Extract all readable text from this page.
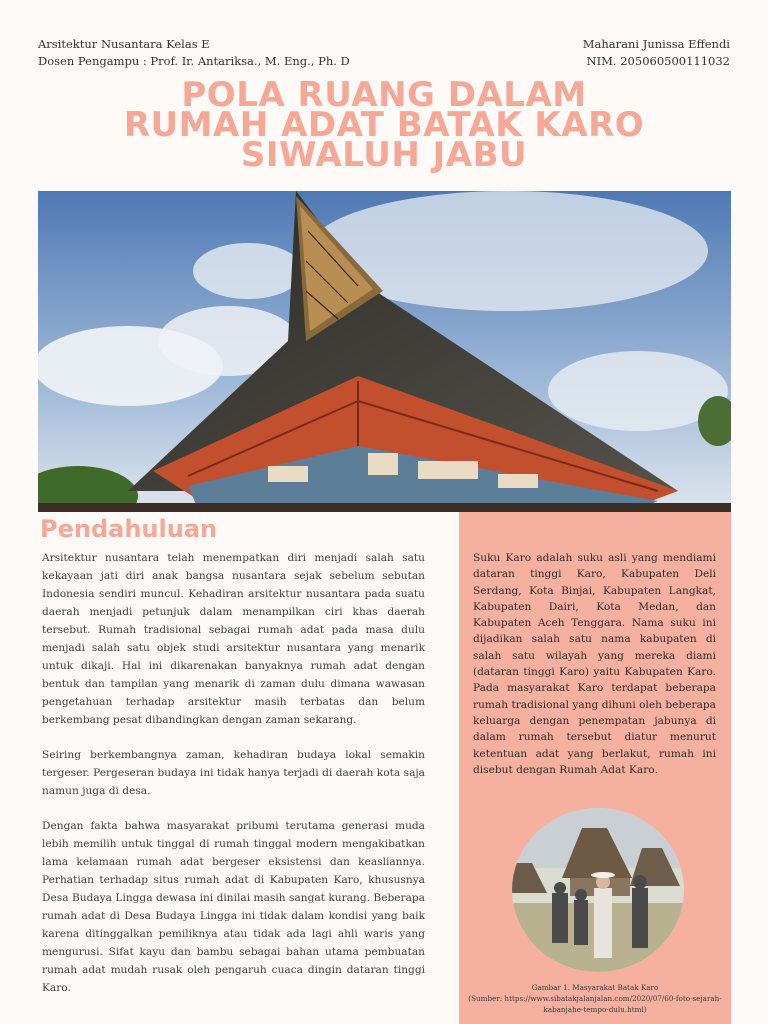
Arsitektur Nusantara Kelas E
Dosen Pengampu : Prof. Ir. Antariksa., M. Eng., Ph. D
Maharani Junissa Effendi
NIM. 205060500111032
POLA RUANG DALAM
RUMAH ADAT BATAK KARO
SIWALUH JABU
Pendahuluan

Arsitektur nusantara telah menempatkan diri menjadi salah satu kekayaan jati diri anak bangsa nusantara sejak sebelum sebutan Indonesia sendiri muncul. Kehadiran arsitektur nusantara pada suatu daerah menjadi petunjuk dalam menampilkan ciri khas daerah tersebut. Rumah tradisional sebagai rumah adat pada masa dulu menjadi salah satu objek studi arsitektur nusantara yang menarik untuk dikaji. Hal ini dikarenakan banyaknya rumah adat dengan bentuk dan tampilan yang menarik di zaman dulu dimana wawasan pengetahuan terhadap arsitektur masih terbatas dan belum berkembang pesat dibandingkan dengan zaman sekarang.

Seiring berkembangnya zaman, kehadiran budaya lokal semakin tergeser. Pergeseran budaya ini tidak hanya terjadi di daerah kota saja namun juga di desa.

Dengan fakta bahwa masyarakat pribumi terutama generasi muda lebih memilih untuk tinggal di rumah tinggal modern mengakibatkan lama kelamaan rumah adat bergeser eksistensi dan keasliannya. Perhatian terhadap situs rumah adat di Kabupaten Karo, khususnya Desa Budaya Lingga dewasa ini dinilai masih sangat kurang. Beberapa rumah adat di Desa Budaya Lingga ini tidak dalam kondisi yang baik karena ditinggalkan pemiliknya atau tidak ada lagi ahli waris yang mengurusi. Sifat kayu dan bambu sebagai bahan utama pembuatan rumah adat mudah rusak oleh pengaruh cuaca dingin dataran tinggi Karo.

Suku Karo adalah suku asli yang mendiami dataran tinggi Karo, Kabupaten Deli Serdang, Kota Binjai, Kabupaten Langkat, Kabupaten Dairi, Kota Medan, dan Kabupaten Aceh Tenggara. Nama suku ini dijadikan salah satu nama kabupaten di salah satu wilayah yang mereka diami (dataran tinggi Karo) yaitu Kabupaten Karo. Pada masyarakat Karo terdapat beberapa rumah tradisional yang dihuni oleh beberapa keluarga dengan penempatan jabunya di dalam rumah tersebut diatur menurut ketentuan adat yang berlakut, rumah ini disebut dengan Rumah Adat Karo.
Gambar 1. Masyarakat Batak Karo
(Sumber: https://www.sibatakjalanjalan.com/2020/07/60-foto-sejarah-kabanjahe-tempo-dulu.html)
